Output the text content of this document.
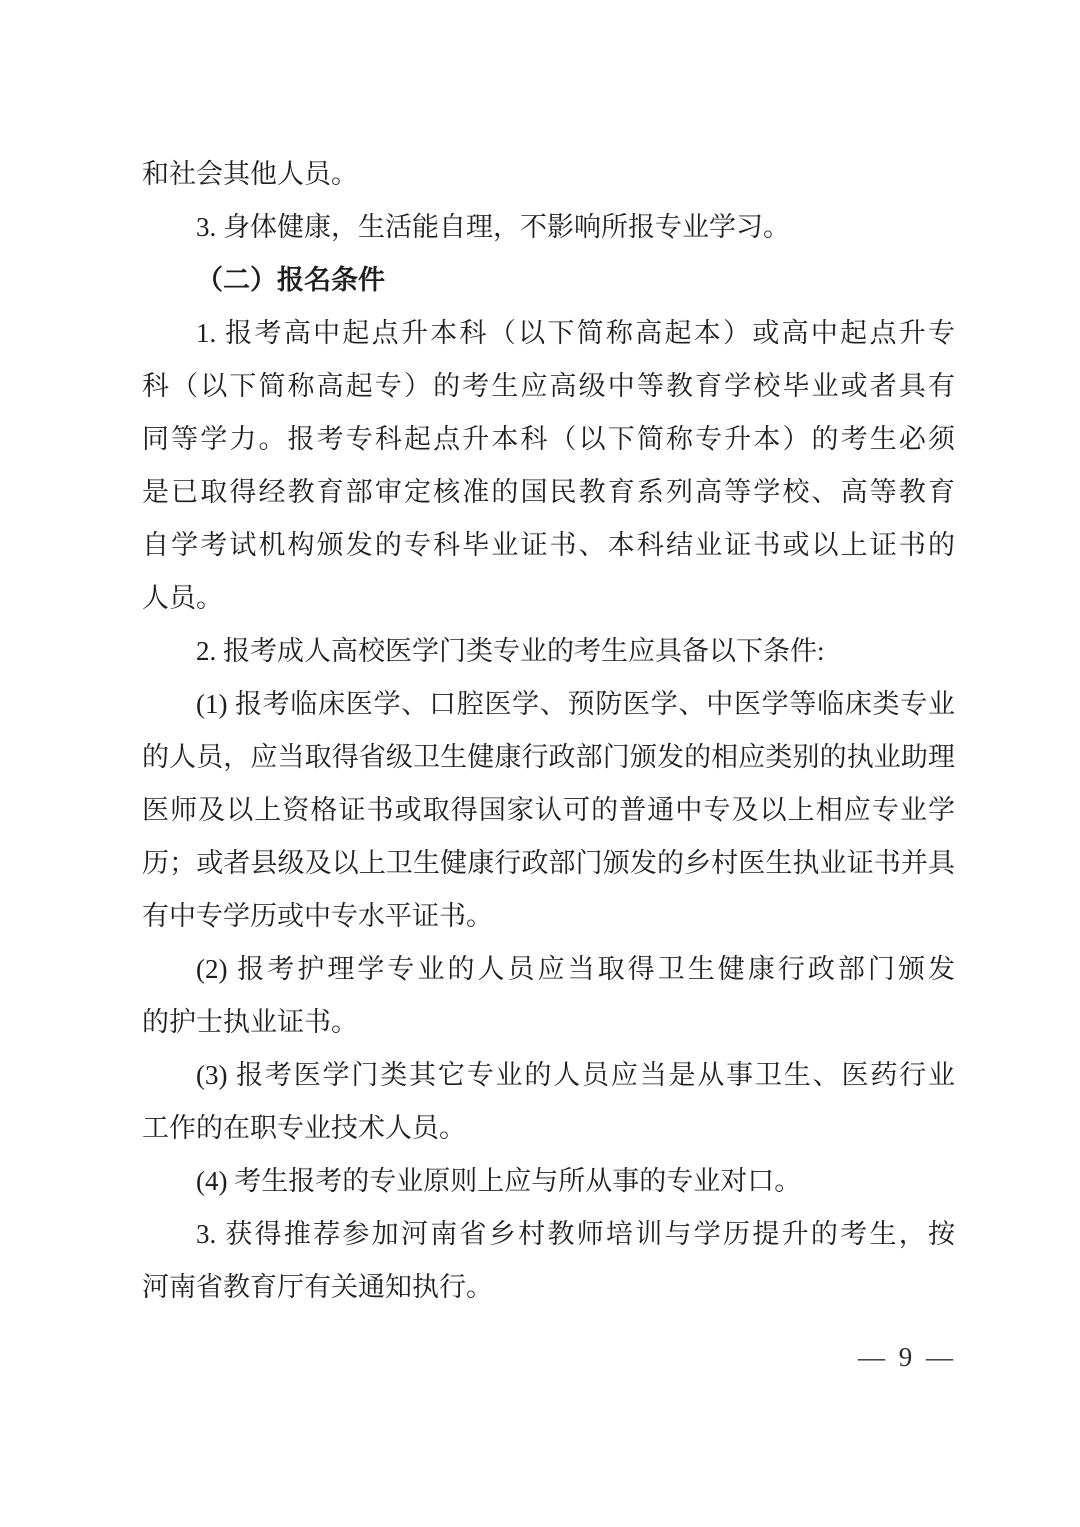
和社会其他人员。
3. 身体健康，生活能自理，不影响所报专业学习。
（二）报名条件
1. 报考高中起点升本科（以下简称高起本）或高中起点升专
科（以下简称高起专）的考生应高级中等教育学校毕业或者具有
同等学力。报考专科起点升本科（以下简称专升本）的考生必须
是已取得经教育部审定核准的国民教育系列高等学校、高等教育
自学考试机构颁发的专科毕业证书、本科结业证书或以上证书的
人员。
2. 报考成人高校医学门类专业的考生应具备以下条件:
(1) 报考临床医学、口腔医学、预防医学、中医学等临床类专业
的人员，应当取得省级卫生健康行政部门颁发的相应类别的执业助理
医师及以上资格证书或取得国家认可的普通中专及以上相应专业学
历；或者县级及以上卫生健康行政部门颁发的乡村医生执业证书并具
有中专学历或中专水平证书。
(2) 报考护理学专业的人员应当取得卫生健康行政部门颁发
的护士执业证书。
(3) 报考医学门类其它专业的人员应当是从事卫生、医药行业
工作的在职专业技术人员。
(4) 考生报考的专业原则上应与所从事的专业对口。
3. 获得推荐参加河南省乡村教师培训与学历提升的考生，按
河南省教育厅有关通知执行。
— 9 —
